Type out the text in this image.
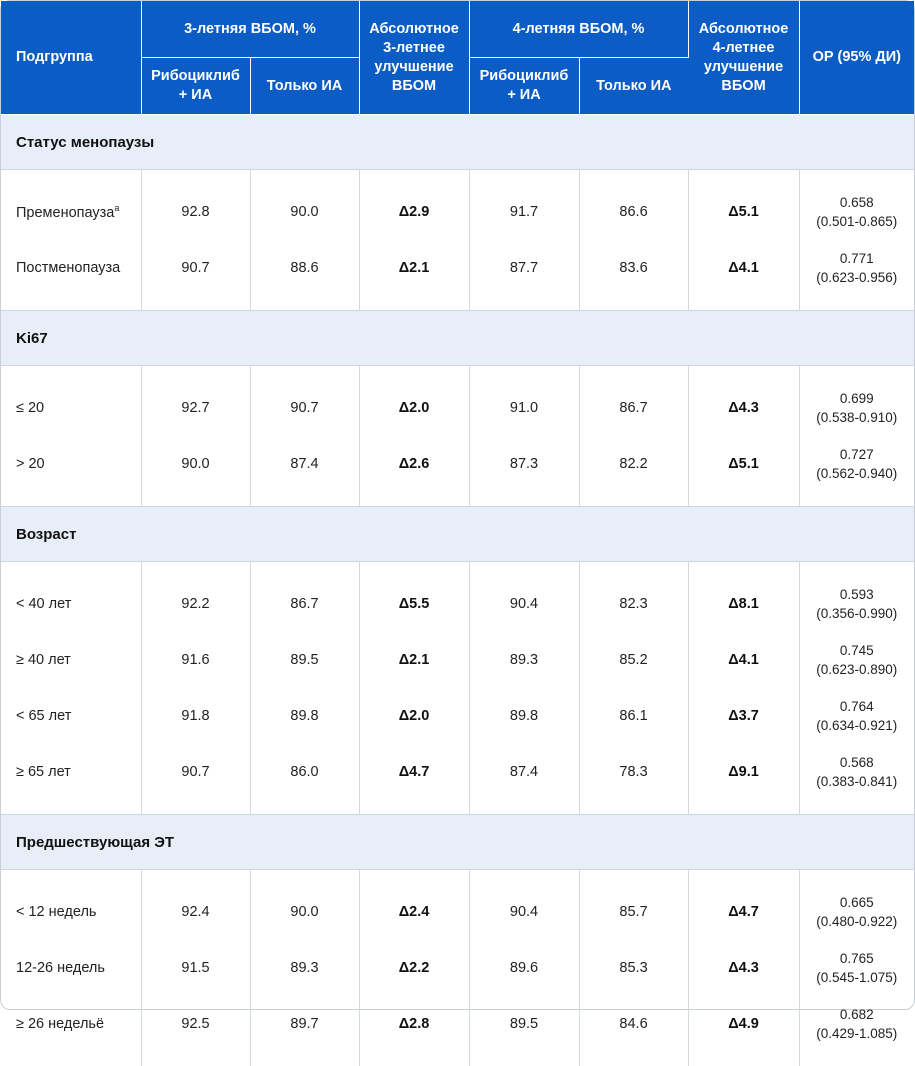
Подгруппа	3-летняя ВБОМ, %		Абсолютное 3-летнее улучшение ВБОМ	4-летняя ВБОМ, %		Абсолютное 4-летнее улучшение ВБОМ	ОР (95% ДИ)
	Рибоциклиб + ИА	Только ИА		Рибоциклиб + ИА	Только ИА		
Статус менопаузы							
Пременопауза$^а$	92.8	90.0	Δ2.9	91.7	86.6	Δ5.1	0.658
(0.501-0.865)

Постменопауза	90.7	88.6	Δ2.1	87.7	83.6	Δ4.1	0.771
(0.623-0.956)

Ki67							
≤ 20	92.7	90.7	Δ2.0	91.0	86.7	Δ4.3	0.699
(0.538-0.910)

> 20	90.0	87.4	Δ2.6	87.3	82.2	Δ5.1	0.727
(0.562-0.940)

Возраст							
< 40 лет	92.2	86.7	Δ5.5	90.4	82.3	Δ8.1	0.593
(0.356-0.990)

≥ 40 лет	91.6	89.5	Δ2.1	89.3	85.2	Δ4.1	0.745
(0.623-0.890)

< 65 лет	91.8	89.8	Δ2.0	89.8	86.1	Δ3.7	0.764
(0.634-0.921)

≥ 65 лет	90.7	86.0	Δ4.7	87.4	78.3	Δ9.1	0.568
(0.383-0.841)

Предшествующая ЭТ							
< 12 недель	92.4	90.0	Δ2.4	90.4	85.7	Δ4.7	0.665
(0.480-0.922)

12-26 недель	91.5	89.3	Δ2.2	89.6	85.3	Δ4.3	0.765
(0.545-1.075)

≥ 26 недельё	92.5	89.7	Δ2.8	89.5	84.6	Δ4.9	0.682
(0.429-1.085)
